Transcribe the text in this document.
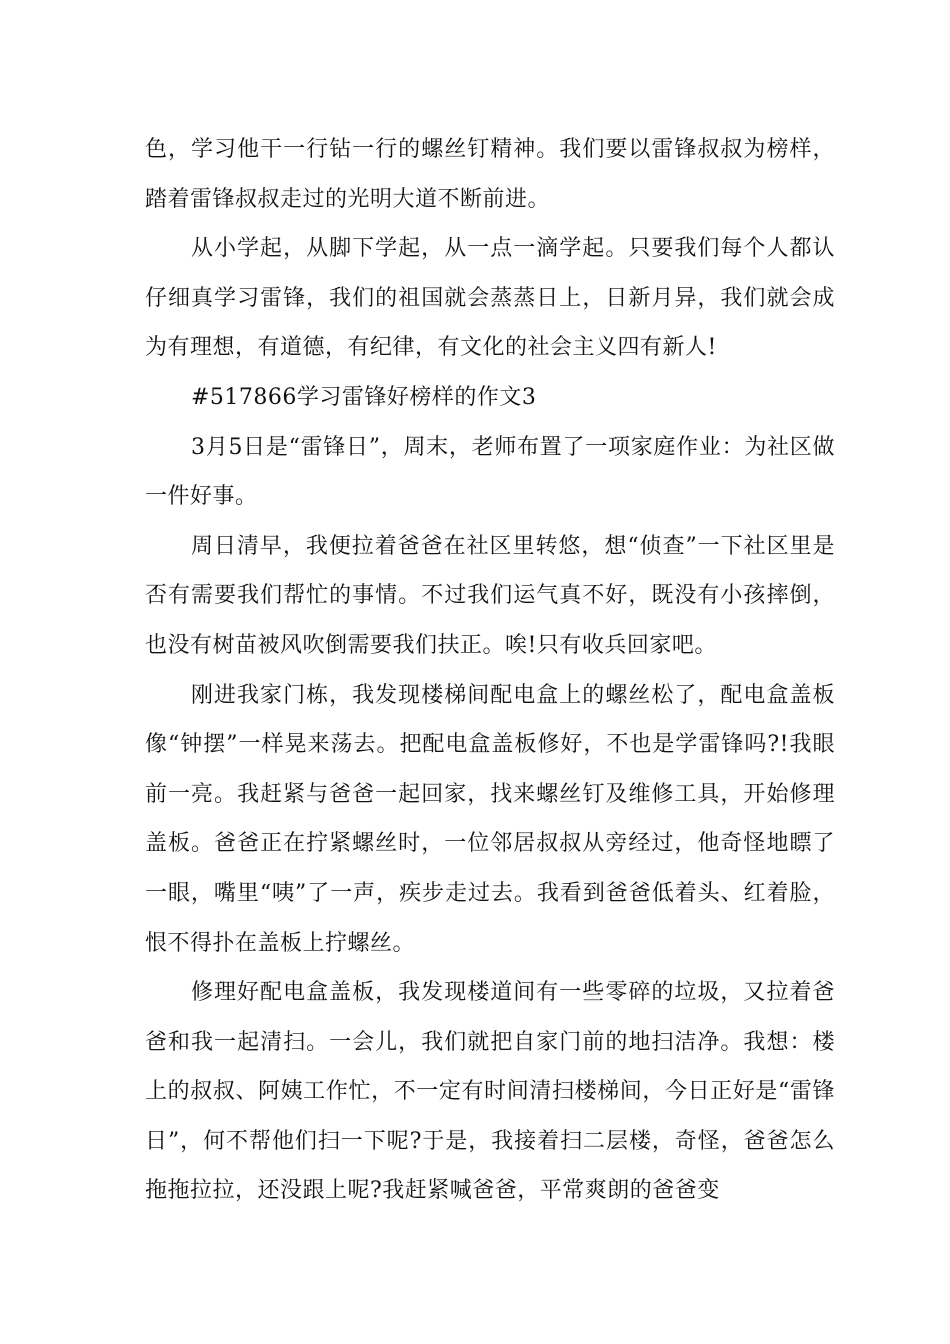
色，学习他干一行钻一行的螺丝钉精神。我们要以雷锋叔叔为榜样，踏着雷锋叔叔走过的光明大道不断前进。

从小学起，从脚下学起，从一点一滴学起。只要我们每个人都认仔细真学习雷锋，我们的祖国就会蒸蒸日上，日新月异，我们就会成为有理想，有道德，有纪律，有文化的社会主义四有新人!

#517866学习雷锋好榜样的作文3

3月5日是“雷锋日”，周末，老师布置了一项家庭作业：为社区做一件好事。

周日清早，我便拉着爸爸在社区里转悠，想“侦查”一下社区里是否有需要我们帮忙的事情。不过我们运气真不好，既没有小孩摔倒，也没有树苗被风吹倒需要我们扶正。唉!只有收兵回家吧。

刚进我家门栋，我发现楼梯间配电盒上的螺丝松了，配电盒盖板像“钟摆”一样晃来荡去。把配电盒盖板修好，不也是学雷锋吗?!我眼前一亮。我赶紧与爸爸一起回家，找来螺丝钉及维修工具，开始修理盖板。爸爸正在拧紧螺丝时，一位邻居叔叔从旁经过，他奇怪地瞟了一眼，嘴里“咦”了一声，疾步走过去。我看到爸爸低着头、红着脸，恨不得扑在盖板上拧螺丝。

修理好配电盒盖板，我发现楼道间有一些零碎的垃圾，又拉着爸爸和我一起清扫。一会儿，我们就把自家门前的地扫洁净。我想：楼上的叔叔、阿姨工作忙，不一定有时间清扫楼梯间，今日正好是“雷锋日”，何不帮他们扫一下呢?于是，我接着扫二层楼，奇怪，爸爸怎么拖拖拉拉，还没跟上呢?我赶紧喊爸爸，平常爽朗的爸爸变
